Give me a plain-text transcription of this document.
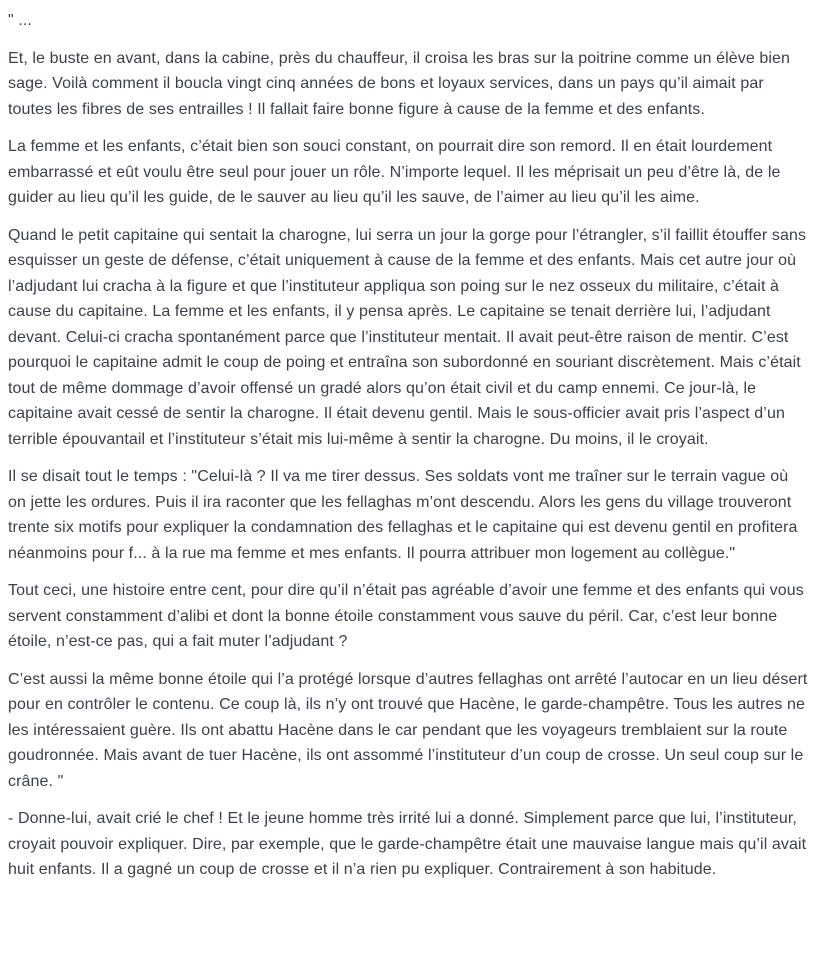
" ...

Et, le buste en avant, dans la cabine, près du chauffeur, il croisa les bras sur la poitrine comme un élève bien sage. Voilà comment il boucla vingt cinq années de bons et loyaux services, dans un pays qu’il aimait par toutes les fibres de ses entrailles ! Il fallait faire bonne figure à cause de la femme et des enfants.

La femme et les enfants, c’était bien son souci constant, on pourrait dire son remord. Il en était lourdement embarrassé et eût voulu être seul pour jouer un rôle. N’importe lequel. Il les méprisait un peu d’être là, de le guider au lieu qu’il les guide, de le sauver au lieu qu’il les sauve, de l’aimer au lieu qu’il les aime.

Quand le petit capitaine qui sentait la charogne, lui serra un jour la gorge pour l’étrangler, s’il faillit étouffer sans esquisser un geste de défense, c’était uniquement à cause de la femme et des enfants. Mais cet autre jour où l’adjudant lui cracha à la figure et que l’instituteur appliqua son poing sur le nez osseux du militaire, c’était à cause du capitaine. La femme et les enfants, il y pensa après. Le capitaine se tenait derrière lui, l’adjudant devant. Celui-ci cracha spontanément parce que l’instituteur mentait. Il avait peut-être raison de mentir. C’est pourquoi le capitaine admit le coup de poing et entraîna son subordonné en souriant discrètement. Mais c’était tout de même dommage d’avoir offensé un gradé alors qu’on était civil et du camp ennemi. Ce jour-là, le capitaine avait cessé de sentir la charogne. Il était devenu gentil. Mais le sous-officier avait pris l’aspect d’un terrible épouvantail et l’instituteur s’était mis lui-même à sentir la charogne. Du moins, il le croyait.

Il se disait tout le temps : "Celui-là ? Il va me tirer dessus. Ses soldats vont me traîner sur le terrain vague où on jette les ordures. Puis il ira raconter que les fellaghas m’ont descendu. Alors les gens du village trouveront trente six motifs pour expliquer la condamnation des fellaghas et le capitaine qui est devenu gentil en profitera néanmoins pour f... à la rue ma femme et mes enfants. Il pourra attribuer mon logement au collègue."

Tout ceci, une histoire entre cent, pour dire qu’il n’était pas agréable d’avoir une femme et des enfants qui vous servent constamment d’alibi et dont la bonne étoile constamment vous sauve du péril. Car, c’est leur bonne étoile, n’est-ce pas, qui a fait muter l’adjudant ?

C’est aussi la même bonne étoile qui l’a protégé lorsque d’autres fellaghas ont arrêté l’autocar en un lieu désert pour en contrôler le contenu. Ce coup là, ils n’y ont trouvé que Hacène, le garde-champêtre. Tous les autres ne les intéressaient guère. Ils ont abattu Hacène dans le car pendant que les voyageurs tremblaient sur la route goudronnée. Mais avant de tuer Hacène, ils ont assommé l’instituteur d’un coup de crosse. Un seul coup sur le crâne. "

- Donne-lui, avait crié le chef ! Et le jeune homme très irrité lui a donné. Simplement parce que lui, l’instituteur, croyait pouvoir expliquer. Dire, par exemple, que le garde-champêtre était une mauvaise langue mais qu’il avait huit enfants. Il a gagné un coup de crosse et il n’a rien pu expliquer. Contrairement à son habitude.
